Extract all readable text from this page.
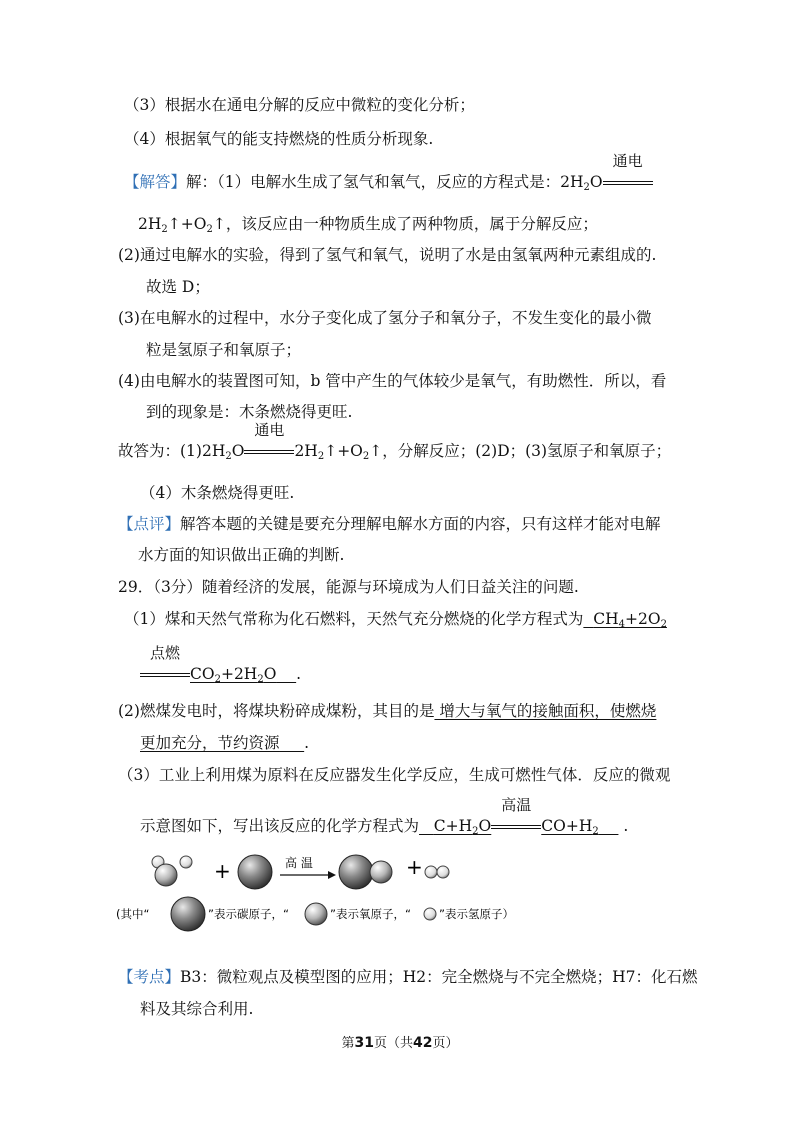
（3）根据水在通电分解的反应中微粒的变化分析；
（4）根据氧气的能支持燃烧的性质分析现象.
【解答】解：（1）电解水生成了氢气和氧气，反应的方程式是：$2H_2O$
通电
$2H_2↑+O_2↑$，该反应由一种物质生成了两种物质，属于分解反应；
(2)通过电解水的实验，得到了氢气和氧气，说明了水是由氢氧两种元素组成的.
故选 D；
(3)在电解水的过程中，水分子变化成了氢分子和氧分子，不发生变化的最小微
粒是氢原子和氧原子；
(4)由电解水的装置图可知，b 管中产生的气体较少是氧气，有助燃性．所以，看
到的现象是：木条燃烧得更旺.
故答为：$(1)2H_2O$
通电
$2H_2↑+O_2↑$，分解反应；(2)D；(3)氢原子和氧原子；
（4）木条燃烧得更旺.
【点评】解答本题的关键是要充分理解电解水方面的内容，只有这样才能对电解
水方面的知识做出正确的判断.
29．（3分）随着经济的发展，能源与环境成为人们日益关注的问题.
（1）煤和天然气常称为化石燃料，天然气充分燃烧的化学方程式为 $CH_4+2O_2$
点燃
$CO_2+2H_2O$ .
(2)燃煤发电时，将煤块粉碎成煤粉，其目的是 增大与氧气的接触面积，使燃烧
更加充分，节约资源 .
（3）工业上利用煤为原料在反应器发生化学反应，生成可燃性气体．反应的微观
示意图如下，写出该反应的化学方程式为 $C+H_2O$
高温
$CO+H_2$ .
+	高 温	+
(其中“	”表示碳原子，“	”表示氧原子，“ ”表示氢原子）
【考点】B3：微粒观点及模型图的应用；H2：完全燃烧与不完全燃烧；H7：化石燃
料及其综合利用.
第31页（共42页）
